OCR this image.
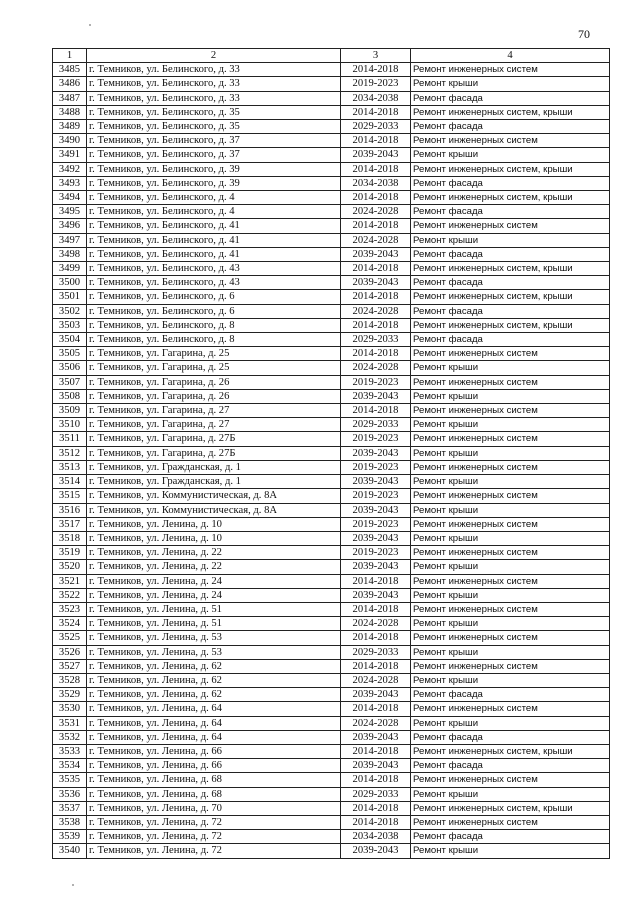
70
1	2	3	4
3485	г. Темников, ул. Белинского, д. 33	2014-2018	Ремонт инженерных систем
3486	г. Темников, ул. Белинского, д. 33	2019-2023	Ремонт крыши
3487	г. Темников, ул. Белинского, д. 33	2034-2038	Ремонт фасада
3488	г. Темников, ул. Белинского, д. 35	2014-2018	Ремонт инженерных систем, крыши
3489	г. Темников, ул. Белинского, д. 35	2029-2033	Ремонт фасада
3490	г. Темников, ул. Белинского, д. 37	2014-2018	Ремонт инженерных систем
3491	г. Темников, ул. Белинского, д. 37	2039-2043	Ремонт крыши
3492	г. Темников, ул. Белинского, д. 39	2014-2018	Ремонт инженерных систем, крыши
3493	г. Темников, ул. Белинского, д. 39	2034-2038	Ремонт фасада
3494	г. Темников, ул. Белинского, д. 4	2014-2018	Ремонт инженерных систем, крыши
3495	г. Темников, ул. Белинского, д. 4	2024-2028	Ремонт фасада
3496	г. Темников, ул. Белинского, д. 41	2014-2018	Ремонт инженерных систем
3497	г. Темников, ул. Белинского, д. 41	2024-2028	Ремонт крыши
3498	г. Темников, ул. Белинского, д. 41	2039-2043	Ремонт фасада
3499	г. Темников, ул. Белинского, д. 43	2014-2018	Ремонт инженерных систем, крыши
3500	г. Темников, ул. Белинского, д. 43	2039-2043	Ремонт фасада
3501	г. Темников, ул. Белинского, д. 6	2014-2018	Ремонт инженерных систем, крыши
3502	г. Темников, ул. Белинского, д. 6	2024-2028	Ремонт фасада
3503	г. Темников, ул. Белинского, д. 8	2014-2018	Ремонт инженерных систем, крыши
3504	г. Темников, ул. Белинского, д. 8	2029-2033	Ремонт фасада
3505	г. Темников, ул. Гагарина, д. 25	2014-2018	Ремонт инженерных систем
3506	г. Темников, ул. Гагарина, д. 25	2024-2028	Ремонт крыши
3507	г. Темников, ул. Гагарина, д. 26	2019-2023	Ремонт инженерных систем
3508	г. Темников, ул. Гагарина, д. 26	2039-2043	Ремонт крыши
3509	г. Темников, ул. Гагарина, д. 27	2014-2018	Ремонт инженерных систем
3510	г. Темников, ул. Гагарина, д. 27	2029-2033	Ремонт крыши
3511	г. Темников, ул. Гагарина, д. 27Б	2019-2023	Ремонт инженерных систем
3512	г. Темников, ул. Гагарина, д. 27Б	2039-2043	Ремонт крыши
3513	г. Темников, ул. Гражданская, д. 1	2019-2023	Ремонт инженерных систем
3514	г. Темников, ул. Гражданская, д. 1	2039-2043	Ремонт крыши
3515	г. Темников, ул. Коммунистическая, д. 8А	2019-2023	Ремонт инженерных систем
3516	г. Темников, ул. Коммунистическая, д. 8А	2039-2043	Ремонт крыши
3517	г. Темников, ул. Ленина, д. 10	2019-2023	Ремонт инженерных систем
3518	г. Темников, ул. Ленина, д. 10	2039-2043	Ремонт крыши
3519	г. Темников, ул. Ленина, д. 22	2019-2023	Ремонт инженерных систем
3520	г. Темников, ул. Ленина, д. 22	2039-2043	Ремонт крыши
3521	г. Темников, ул. Ленина, д. 24	2014-2018	Ремонт инженерных систем
3522	г. Темников, ул. Ленина, д. 24	2039-2043	Ремонт крыши
3523	г. Темников, ул. Ленина, д. 51	2014-2018	Ремонт инженерных систем
3524	г. Темников, ул. Ленина, д. 51	2024-2028	Ремонт крыши
3525	г. Темников, ул. Ленина, д. 53	2014-2018	Ремонт инженерных систем
3526	г. Темников, ул. Ленина, д. 53	2029-2033	Ремонт крыши
3527	г. Темников, ул. Ленина, д. 62	2014-2018	Ремонт инженерных систем
3528	г. Темников, ул. Ленина, д. 62	2024-2028	Ремонт крыши
3529	г. Темников, ул. Ленина, д. 62	2039-2043	Ремонт фасада
3530	г. Темников, ул. Ленина, д. 64	2014-2018	Ремонт инженерных систем
3531	г. Темников, ул. Ленина, д. 64	2024-2028	Ремонт крыши
3532	г. Темников, ул. Ленина, д. 64	2039-2043	Ремонт фасада
3533	г. Темников, ул. Ленина, д. 66	2014-2018	Ремонт инженерных систем, крыши
3534	г. Темников, ул. Ленина, д. 66	2039-2043	Ремонт фасада
3535	г. Темников, ул. Ленина, д. 68	2014-2018	Ремонт инженерных систем
3536	г. Темников, ул. Ленина, д. 68	2029-2033	Ремонт крыши
3537	г. Темников, ул. Ленина, д. 70	2014-2018	Ремонт инженерных систем, крыши
3538	г. Темников, ул. Ленина, д. 72	2014-2018	Ремонт инженерных систем
3539	г. Темников, ул. Ленина, д. 72	2034-2038	Ремонт фасада
3540	г. Темников, ул. Ленина, д. 72	2039-2043	Ремонт крыши
